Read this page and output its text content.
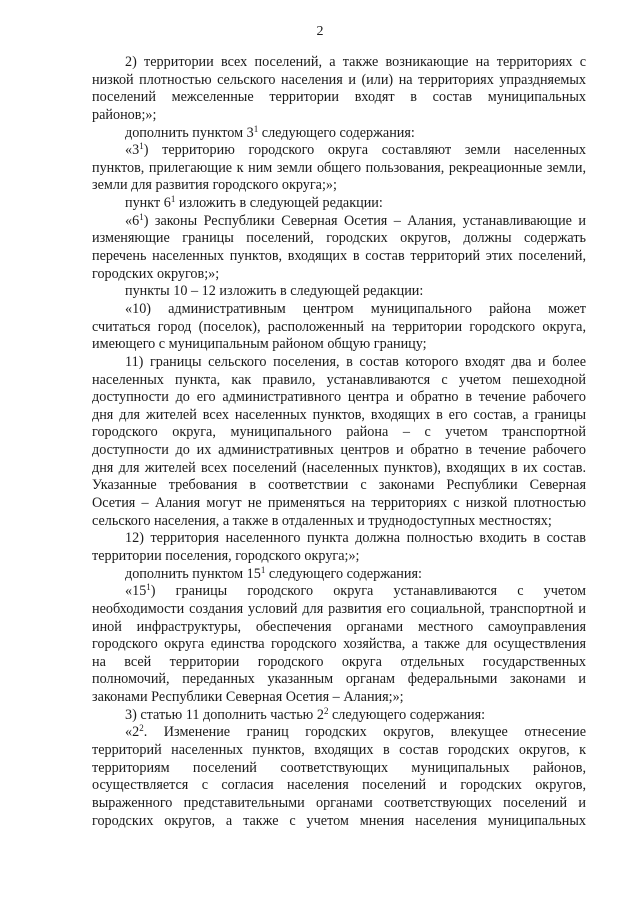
2
2) территории всех поселений, а также возникающие на территориях с
низкой плотностью сельского населения и (или) на территориях упраздняемых
поселений межселенные территории входят в состав муниципальных
районов;»;
дополнить пунктом $3^1$ следующего содержания:
«$3^1$) территорию городского округа составляют земли населенных
пунктов, прилегающие к ним земли общего пользования, рекреационные земли,
земли для развития городского округа;»;
пункт $6^1$ изложить в следующей редакции:
«$6^1$) законы Республики Северная Осетия – Алания, устанавливающие и
изменяющие границы поселений, городских округов, должны содержать
перечень населенных пунктов, входящих в состав территорий этих поселений,
городских округов;»;
пункты 10 – 12 изложить в следующей редакции:
«10) административным центром муниципального района может
считаться город (поселок), расположенный на территории городского округа,
имеющего с муниципальным районом общую границу;
11) границы сельского поселения, в состав которого входят два и более
населенных пункта, как правило, устанавливаются с учетом пешеходной
доступности до его административного центра и обратно в течение рабочего
дня для жителей всех населенных пунктов, входящих в его состав, а границы
городского округа, муниципального района – с учетом транспортной
доступности до их административных центров и обратно в течение рабочего
дня для жителей всех поселений (населенных пунктов), входящих в их состав.
Указанные требования в соответствии с законами Республики Северная
Осетия – Алания могут не применяться на территориях с низкой плотностью
сельского населения, а также в отдаленных и труднодоступных местностях;
12) территория населенного пункта должна полностью входить в состав
территории поселения, городского округа;»;
дополнить пунктом $15^1$ следующего содержания:
«$15^1$) границы городского округа устанавливаются с учетом
необходимости создания условий для развития его социальной, транспортной и
иной инфраструктуры, обеспечения органами местного самоуправления
городского округа единства городского хозяйства, а также для осуществления
на всей территории городского округа отдельных государственных
полномочий, переданных указанным органам федеральными законами и
законами Республики Северная Осетия – Алания;»;
3) статью 11 дополнить частью $2^2$ следующего содержания:
«$2^2$. Изменение границ городских округов, влекущее отнесение
территорий населенных пунктов, входящих в состав городских округов, к
территориям поселений соответствующих муниципальных районов,
осуществляется с согласия населения поселений и городских округов,
выраженного представительными органами соответствующих поселений и
городских округов, а также с учетом мнения населения муниципальных
